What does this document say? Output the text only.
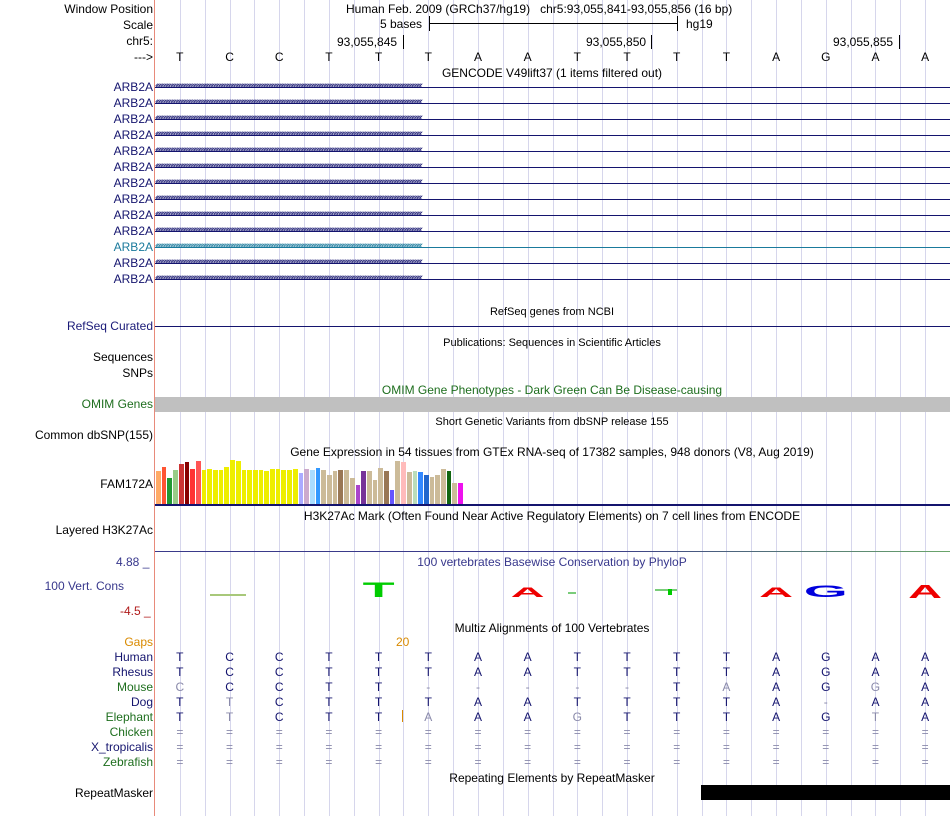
Window Position	Human Feb. 2009 (GRCh37/hg19)   chr5:93,055,841-93,055,856 (16 bp)
Scale	5 bases	hg19
chr5:	93,055,845	93,055,850	93,055,855
---> T	C	C	T	T	T	A	A	T	T	T	T	A	G	A	A
GENCODE V49lift37 (1 items filtered out)
ARB2A ‹‹‹‹‹‹‹‹‹‹‹‹‹‹‹‹‹‹‹‹‹‹‹‹‹‹‹‹‹‹‹‹‹‹‹‹‹‹‹‹‹‹‹‹‹‹‹‹‹‹‹‹‹‹‹‹‹‹‹‹‹‹‹‹‹‹‹‹‹‹‹‹‹‹‹‹‹‹‹‹‹‹‹‹‹‹‹‹‹‹‹‹‹‹‹‹‹‹‹‹‹‹‹‹‹‹‹‹‹‹‹‹‹‹‹‹‹‹‹‹‹‹‹‹‹‹‹‹‹‹‹‹‹‹‹‹‹‹‹‹‹‹‹‹‹‹‹‹‹‹‹‹‹‹‹‹‹‹‹‹
ARB2A ‹‹‹‹‹‹‹‹‹‹‹‹‹‹‹‹‹‹‹‹‹‹‹‹‹‹‹‹‹‹‹‹‹‹‹‹‹‹‹‹‹‹‹‹‹‹‹‹‹‹‹‹‹‹‹‹‹‹‹‹‹‹‹‹‹‹‹‹‹‹‹‹‹‹‹‹‹‹‹‹‹‹‹‹‹‹‹‹‹‹‹‹‹‹‹‹‹‹‹‹‹‹‹‹‹‹‹‹‹‹‹‹‹‹‹‹‹‹‹‹‹‹‹‹‹‹‹‹‹‹‹‹‹‹‹‹‹‹‹‹‹‹‹‹‹‹‹‹‹‹‹‹‹‹‹‹‹‹‹‹
ARB2A ‹‹‹‹‹‹‹‹‹‹‹‹‹‹‹‹‹‹‹‹‹‹‹‹‹‹‹‹‹‹‹‹‹‹‹‹‹‹‹‹‹‹‹‹‹‹‹‹‹‹‹‹‹‹‹‹‹‹‹‹‹‹‹‹‹‹‹‹‹‹‹‹‹‹‹‹‹‹‹‹‹‹‹‹‹‹‹‹‹‹‹‹‹‹‹‹‹‹‹‹‹‹‹‹‹‹‹‹‹‹‹‹‹‹‹‹‹‹‹‹‹‹‹‹‹‹‹‹‹‹‹‹‹‹‹‹‹‹‹‹‹‹‹‹‹‹‹‹‹‹‹‹‹‹‹‹‹‹‹‹
ARB2A ‹‹‹‹‹‹‹‹‹‹‹‹‹‹‹‹‹‹‹‹‹‹‹‹‹‹‹‹‹‹‹‹‹‹‹‹‹‹‹‹‹‹‹‹‹‹‹‹‹‹‹‹‹‹‹‹‹‹‹‹‹‹‹‹‹‹‹‹‹‹‹‹‹‹‹‹‹‹‹‹‹‹‹‹‹‹‹‹‹‹‹‹‹‹‹‹‹‹‹‹‹‹‹‹‹‹‹‹‹‹‹‹‹‹‹‹‹‹‹‹‹‹‹‹‹‹‹‹‹‹‹‹‹‹‹‹‹‹‹‹‹‹‹‹‹‹‹‹‹‹‹‹‹‹‹‹‹‹‹‹
ARB2A ‹‹‹‹‹‹‹‹‹‹‹‹‹‹‹‹‹‹‹‹‹‹‹‹‹‹‹‹‹‹‹‹‹‹‹‹‹‹‹‹‹‹‹‹‹‹‹‹‹‹‹‹‹‹‹‹‹‹‹‹‹‹‹‹‹‹‹‹‹‹‹‹‹‹‹‹‹‹‹‹‹‹‹‹‹‹‹‹‹‹‹‹‹‹‹‹‹‹‹‹‹‹‹‹‹‹‹‹‹‹‹‹‹‹‹‹‹‹‹‹‹‹‹‹‹‹‹‹‹‹‹‹‹‹‹‹‹‹‹‹‹‹‹‹‹‹‹‹‹‹‹‹‹‹‹‹‹‹‹‹
ARB2A ‹‹‹‹‹‹‹‹‹‹‹‹‹‹‹‹‹‹‹‹‹‹‹‹‹‹‹‹‹‹‹‹‹‹‹‹‹‹‹‹‹‹‹‹‹‹‹‹‹‹‹‹‹‹‹‹‹‹‹‹‹‹‹‹‹‹‹‹‹‹‹‹‹‹‹‹‹‹‹‹‹‹‹‹‹‹‹‹‹‹‹‹‹‹‹‹‹‹‹‹‹‹‹‹‹‹‹‹‹‹‹‹‹‹‹‹‹‹‹‹‹‹‹‹‹‹‹‹‹‹‹‹‹‹‹‹‹‹‹‹‹‹‹‹‹‹‹‹‹‹‹‹‹‹‹‹‹‹‹‹
ARB2A ‹‹‹‹‹‹‹‹‹‹‹‹‹‹‹‹‹‹‹‹‹‹‹‹‹‹‹‹‹‹‹‹‹‹‹‹‹‹‹‹‹‹‹‹‹‹‹‹‹‹‹‹‹‹‹‹‹‹‹‹‹‹‹‹‹‹‹‹‹‹‹‹‹‹‹‹‹‹‹‹‹‹‹‹‹‹‹‹‹‹‹‹‹‹‹‹‹‹‹‹‹‹‹‹‹‹‹‹‹‹‹‹‹‹‹‹‹‹‹‹‹‹‹‹‹‹‹‹‹‹‹‹‹‹‹‹‹‹‹‹‹‹‹‹‹‹‹‹‹‹‹‹‹‹‹‹‹‹‹‹
ARB2A ‹‹‹‹‹‹‹‹‹‹‹‹‹‹‹‹‹‹‹‹‹‹‹‹‹‹‹‹‹‹‹‹‹‹‹‹‹‹‹‹‹‹‹‹‹‹‹‹‹‹‹‹‹‹‹‹‹‹‹‹‹‹‹‹‹‹‹‹‹‹‹‹‹‹‹‹‹‹‹‹‹‹‹‹‹‹‹‹‹‹‹‹‹‹‹‹‹‹‹‹‹‹‹‹‹‹‹‹‹‹‹‹‹‹‹‹‹‹‹‹‹‹‹‹‹‹‹‹‹‹‹‹‹‹‹‹‹‹‹‹‹‹‹‹‹‹‹‹‹‹‹‹‹‹‹‹‹‹‹‹
ARB2A ‹‹‹‹‹‹‹‹‹‹‹‹‹‹‹‹‹‹‹‹‹‹‹‹‹‹‹‹‹‹‹‹‹‹‹‹‹‹‹‹‹‹‹‹‹‹‹‹‹‹‹‹‹‹‹‹‹‹‹‹‹‹‹‹‹‹‹‹‹‹‹‹‹‹‹‹‹‹‹‹‹‹‹‹‹‹‹‹‹‹‹‹‹‹‹‹‹‹‹‹‹‹‹‹‹‹‹‹‹‹‹‹‹‹‹‹‹‹‹‹‹‹‹‹‹‹‹‹‹‹‹‹‹‹‹‹‹‹‹‹‹‹‹‹‹‹‹‹‹‹‹‹‹‹‹‹‹‹‹‹
ARB2A ‹‹‹‹‹‹‹‹‹‹‹‹‹‹‹‹‹‹‹‹‹‹‹‹‹‹‹‹‹‹‹‹‹‹‹‹‹‹‹‹‹‹‹‹‹‹‹‹‹‹‹‹‹‹‹‹‹‹‹‹‹‹‹‹‹‹‹‹‹‹‹‹‹‹‹‹‹‹‹‹‹‹‹‹‹‹‹‹‹‹‹‹‹‹‹‹‹‹‹‹‹‹‹‹‹‹‹‹‹‹‹‹‹‹‹‹‹‹‹‹‹‹‹‹‹‹‹‹‹‹‹‹‹‹‹‹‹‹‹‹‹‹‹‹‹‹‹‹‹‹‹‹‹‹‹‹‹‹‹‹
ARB2A ‹‹‹‹‹‹‹‹‹‹‹‹‹‹‹‹‹‹‹‹‹‹‹‹‹‹‹‹‹‹‹‹‹‹‹‹‹‹‹‹‹‹‹‹‹‹‹‹‹‹‹‹‹‹‹‹‹‹‹‹‹‹‹‹‹‹‹‹‹‹‹‹‹‹‹‹‹‹‹‹‹‹‹‹‹‹‹‹‹‹‹‹‹‹‹‹‹‹‹‹‹‹‹‹‹‹‹‹‹‹‹‹‹‹‹‹‹‹‹‹‹‹‹‹‹‹‹‹‹‹‹‹‹‹‹‹‹‹‹‹‹‹‹‹‹‹‹‹‹‹‹‹‹‹‹‹‹‹‹‹
ARB2A ‹‹‹‹‹‹‹‹‹‹‹‹‹‹‹‹‹‹‹‹‹‹‹‹‹‹‹‹‹‹‹‹‹‹‹‹‹‹‹‹‹‹‹‹‹‹‹‹‹‹‹‹‹‹‹‹‹‹‹‹‹‹‹‹‹‹‹‹‹‹‹‹‹‹‹‹‹‹‹‹‹‹‹‹‹‹‹‹‹‹‹‹‹‹‹‹‹‹‹‹‹‹‹‹‹‹‹‹‹‹‹‹‹‹‹‹‹‹‹‹‹‹‹‹‹‹‹‹‹‹‹‹‹‹‹‹‹‹‹‹‹‹‹‹‹‹‹‹‹‹‹‹‹‹‹‹‹‹‹‹
ARB2A ‹‹‹‹‹‹‹‹‹‹‹‹‹‹‹‹‹‹‹‹‹‹‹‹‹‹‹‹‹‹‹‹‹‹‹‹‹‹‹‹‹‹‹‹‹‹‹‹‹‹‹‹‹‹‹‹‹‹‹‹‹‹‹‹‹‹‹‹‹‹‹‹‹‹‹‹‹‹‹‹‹‹‹‹‹‹‹‹‹‹‹‹‹‹‹‹‹‹‹‹‹‹‹‹‹‹‹‹‹‹‹‹‹‹‹‹‹‹‹‹‹‹‹‹‹‹‹‹‹‹‹‹‹‹‹‹‹‹‹‹‹‹‹‹‹‹‹‹‹‹‹‹‹‹‹‹‹‹‹‹
RefSeq genes from NCBI
RefSeq Curated
Publications: Sequences in Scientific Articles
Sequences
SNPs
OMIM Gene Phenotypes - Dark Green Can Be Disease-causing
OMIM Genes
Short Genetic Variants from dbSNP release 155
Common dbSNP(155)
Gene Expression in 54 tissues from GTEx RNA-seq of 17382 samples, 948 donors (V8, Aug 2019)
FAM172A
H3K27Ac Mark (Often Found Near Active Regulatory Elements) on 7 cell lines from ENCODE
Layered H3K27Ac
100 vertebrates Basewise Conservation by PhyloP
4.88 _
100 Vert. Cons
-4.5 _
T	A	A G	A
Multiz Alignments of 100 Vertebrates
Gaps	20
Human T	C	C	T	T	T	A	A	T	T	T	T	A	G	A	A
Rhesus T	C	C	T	T	T	A	A	T	T	T	T	A	G	A	A
Mouse C	C	C	T	T	-	-	-	-	-	T	A	A	G	G	A
Dog T	T	C	T	T	T	A	A	T	T	T	T	A	-	A	A
Elephant T	T	C	T	T	A	A	A	G	T	T	T	A	G	T	A
Chicken =	=	=	=	=	=	=	=	=	=	=	=	=	=	=	=
X_tropicalis =	=	=	=	=	=	=	=	=	=	=	=	=	=	=	=
Zebrafish =	=	=	=	=	=	=	=	=	=	=	=	=	=	=	=
Repeating Elements by RepeatMasker
RepeatMasker
